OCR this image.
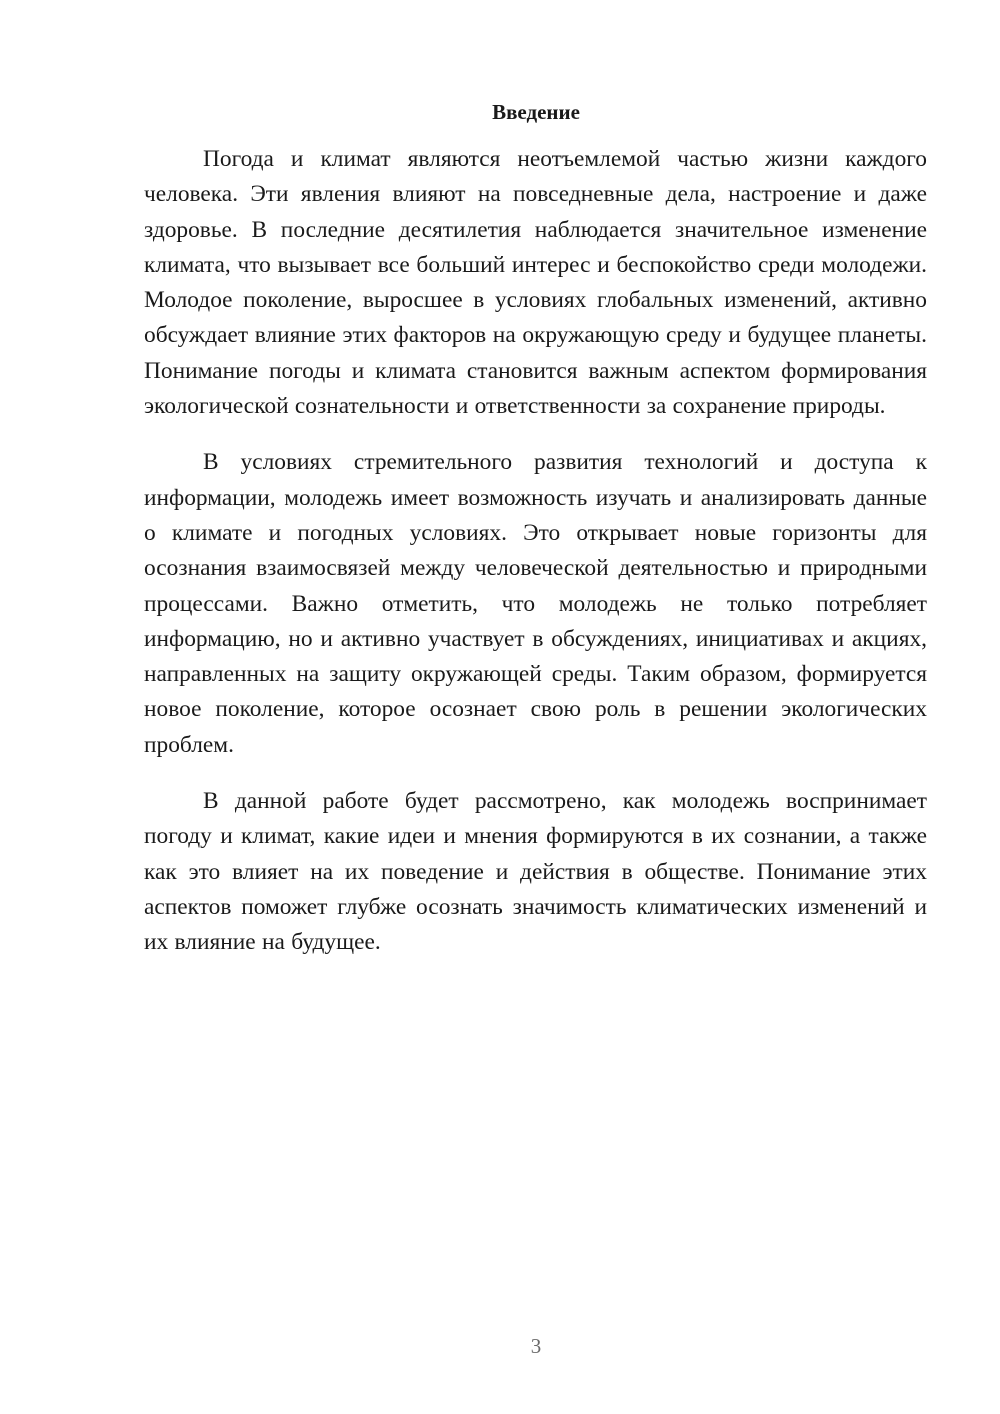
Введение

Погода и климат являются неотъемлемой частью жизни каждого человека. Эти явления влияют на повседневные дела, настроение и даже здоровье. В последние десятилетия наблюдается значительное изменение климата, что вызывает все больший интерес и беспокойство среди молодежи. Молодое поколение, выросшее в условиях глобальных изменений, активно обсуждает влияние этих факторов на окружающую среду и будущее планеты. Понимание погоды и климата становится важным аспектом формирования экологической сознательности и ответственности за сохранение природы.

В условиях стремительного развития технологий и доступа к информации, молодежь имеет возможность изучать и анализировать данные о климате и погодных условиях. Это открывает новые горизонты для осознания взаимосвязей между человеческой деятельностью и природными процессами. Важно отметить, что молодежь не только потребляет информацию, но и активно участвует в обсуждениях, инициативах и акциях, направленных на защиту окружающей среды. Таким образом, формируется новое поколение, которое осознает свою роль в решении экологических проблем.

В данной работе будет рассмотрено, как молодежь воспринимает погоду и климат, какие идеи и мнения формируются в их сознании, а также как это влияет на их поведение и действия в обществе. Понимание этих аспектов поможет глубже осознать значимость климатических изменений и их влияние на будущее.

3
